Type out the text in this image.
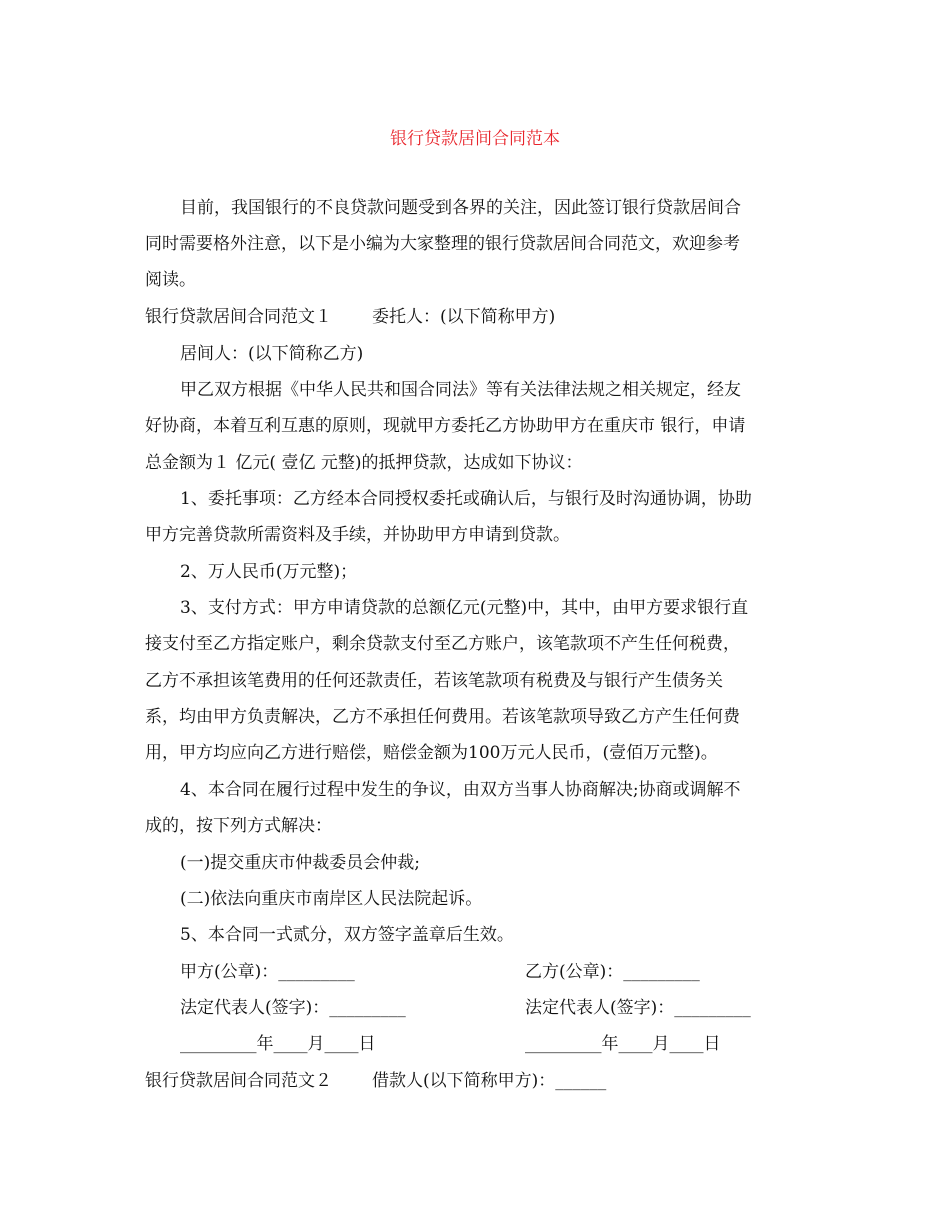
银行贷款居间合同范本
目前，我国银行的不良贷款问题受到各界的关注，因此签订银行贷款居间合
同时需要格外注意，以下是小编为大家整理的银行贷款居间合同范文，欢迎参考
阅读。
银行贷款居间合同范文１ 委托人：(以下简称甲方)
居间人：(以下简称乙方)
甲乙双方根据《中华人民共和国合同法》等有关法律法规之相关规定，经友
好协商，本着互利互惠的原则，现就甲方委托乙方协助甲方在重庆市 银行，申请
总金额为１ 亿元( 壹亿 元整)的抵押贷款，达成如下协议：
1、委托事项：乙方经本合同授权委托或确认后，与银行及时沟通协调，协助
甲方完善贷款所需资料及手续，并协助甲方申请到贷款。
2、万人民币(万元整)；
3、支付方式：甲方申请贷款的总额亿元(元整)中，其中，由甲方要求银行直
接支付至乙方指定账户，剩余贷款支付至乙方账户，该笔款项不产生任何税费，
乙方不承担该笔费用的任何还款责任，若该笔款项有税费及与银行产生债务关
系，均由甲方负责解决，乙方不承担任何费用。若该笔款项导致乙方产生任何费
用，甲方均应向乙方进行赔偿，赔偿金额为100万元人民币，(壹佰万元整)。
4、本合同在履行过程中发生的争议，由双方当事人协商解决;协商或调解不
成的，按下列方式解决：
(一)提交重庆市仲裁委员会仲裁;
(二)依法向重庆市南岸区人民法院起诉。
5、本合同一式贰分，双方签字盖章后生效。
甲方(公章)：_________	乙方(公章)：_________
法定代表人(签字)：_________	法定代表人(签字)：_________
_________年____月____日	_________年____月____日
银行贷款居间合同范文２ 借款人(以下简称甲方)：______
